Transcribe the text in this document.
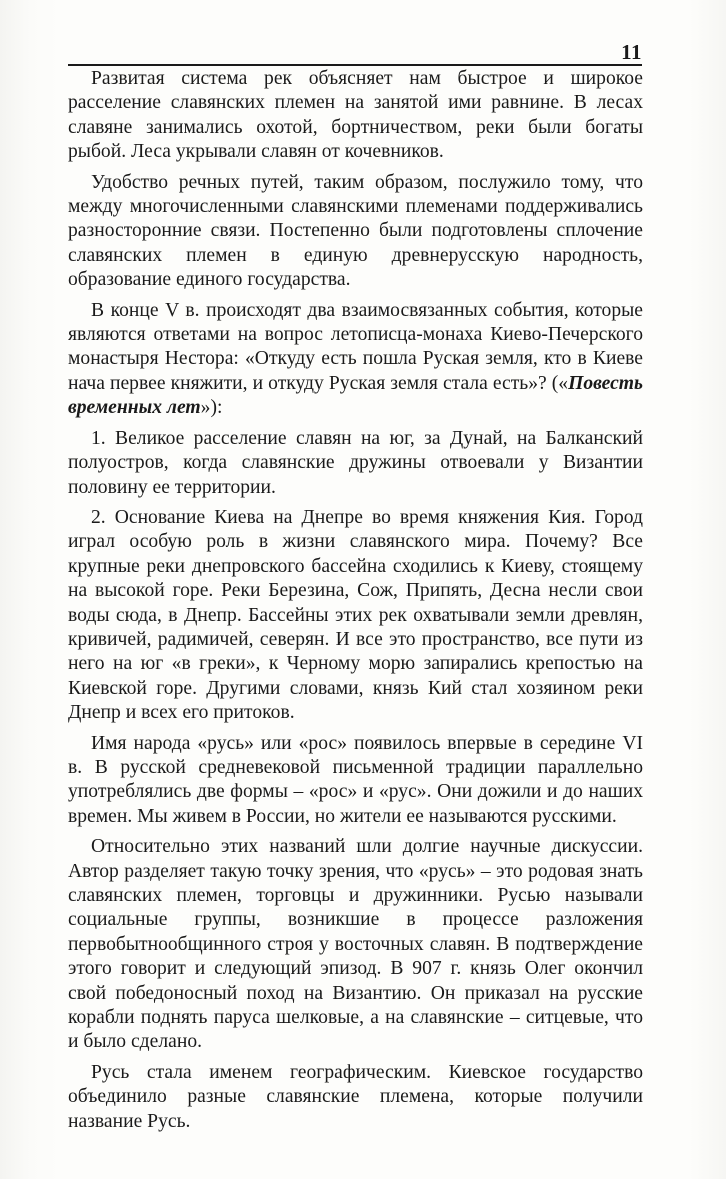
11

Развитая система рек объясняет нам быстрое и широкое расселение славянских племен на занятой ими равнине. В лесах славяне занимались охотой, бортничеством, реки были богаты рыбой. Леса укрывали славян от кочевников.

Удобство речных путей, таким образом, послужило тому, что между многочисленными славянскими племенами поддерживались разносторонние связи. Постепенно были подготовлены сплочение славянских племен в единую древнерусскую народность, образование единого государства.

В конце V в. происходят два взаимосвязанных события, которые являются ответами на вопрос летописца-монаха Киево-Печерского монастыря Нестора: «Откуду есть пошла Руская земля, кто в Киеве нача первее княжити, и откуду Руская земля стала есть»? («Повесть временных лет»):

1. Великое расселение славян на юг, за Дунай, на Балканский полуостров, когда славянские дружины отвоевали у Византии половину ее территории.

2. Основание Киева на Днепре во время княжения Кия. Город играл особую роль в жизни славянского мира. Почему? Все крупные реки днепровского бассейна сходились к Киеву, стоящему на высокой горе. Реки Березина, Сож, Припять, Десна несли свои воды сюда, в Днепр. Бассейны этих рек охватывали земли древлян, кривичей, радимичей, северян. И все это пространство, все пути из него на юг «в греки», к Черному морю запирались крепостью на Киевской горе. Другими словами, князь Кий стал хозяином реки Днепр и всех его притоков.

Имя народа «русь» или «рос» появилось впервые в середине VI в. В русской средневековой письменной традиции параллельно употреблялись две формы – «рос» и «рус». Они дожили и до наших времен. Мы живем в России, но жители ее называются русскими.

Относительно этих названий шли долгие научные дискуссии. Автор разделяет такую точку зрения, что «русь» – это родовая знать славянских племен, торговцы и дружинники. Русью называли социальные группы, возникшие в процессе разложения первобытнообщинного строя у восточных славян. В подтверждение этого говорит и следующий эпизод. В 907 г. князь Олег окончил свой победоносный поход на Византию. Он приказал на русские корабли поднять паруса шелковые, а на славянские – ситцевые, что и было сделано.

Русь стала именем географическим. Киевское государство объединило разные славянские племена, которые получили название Русь.
